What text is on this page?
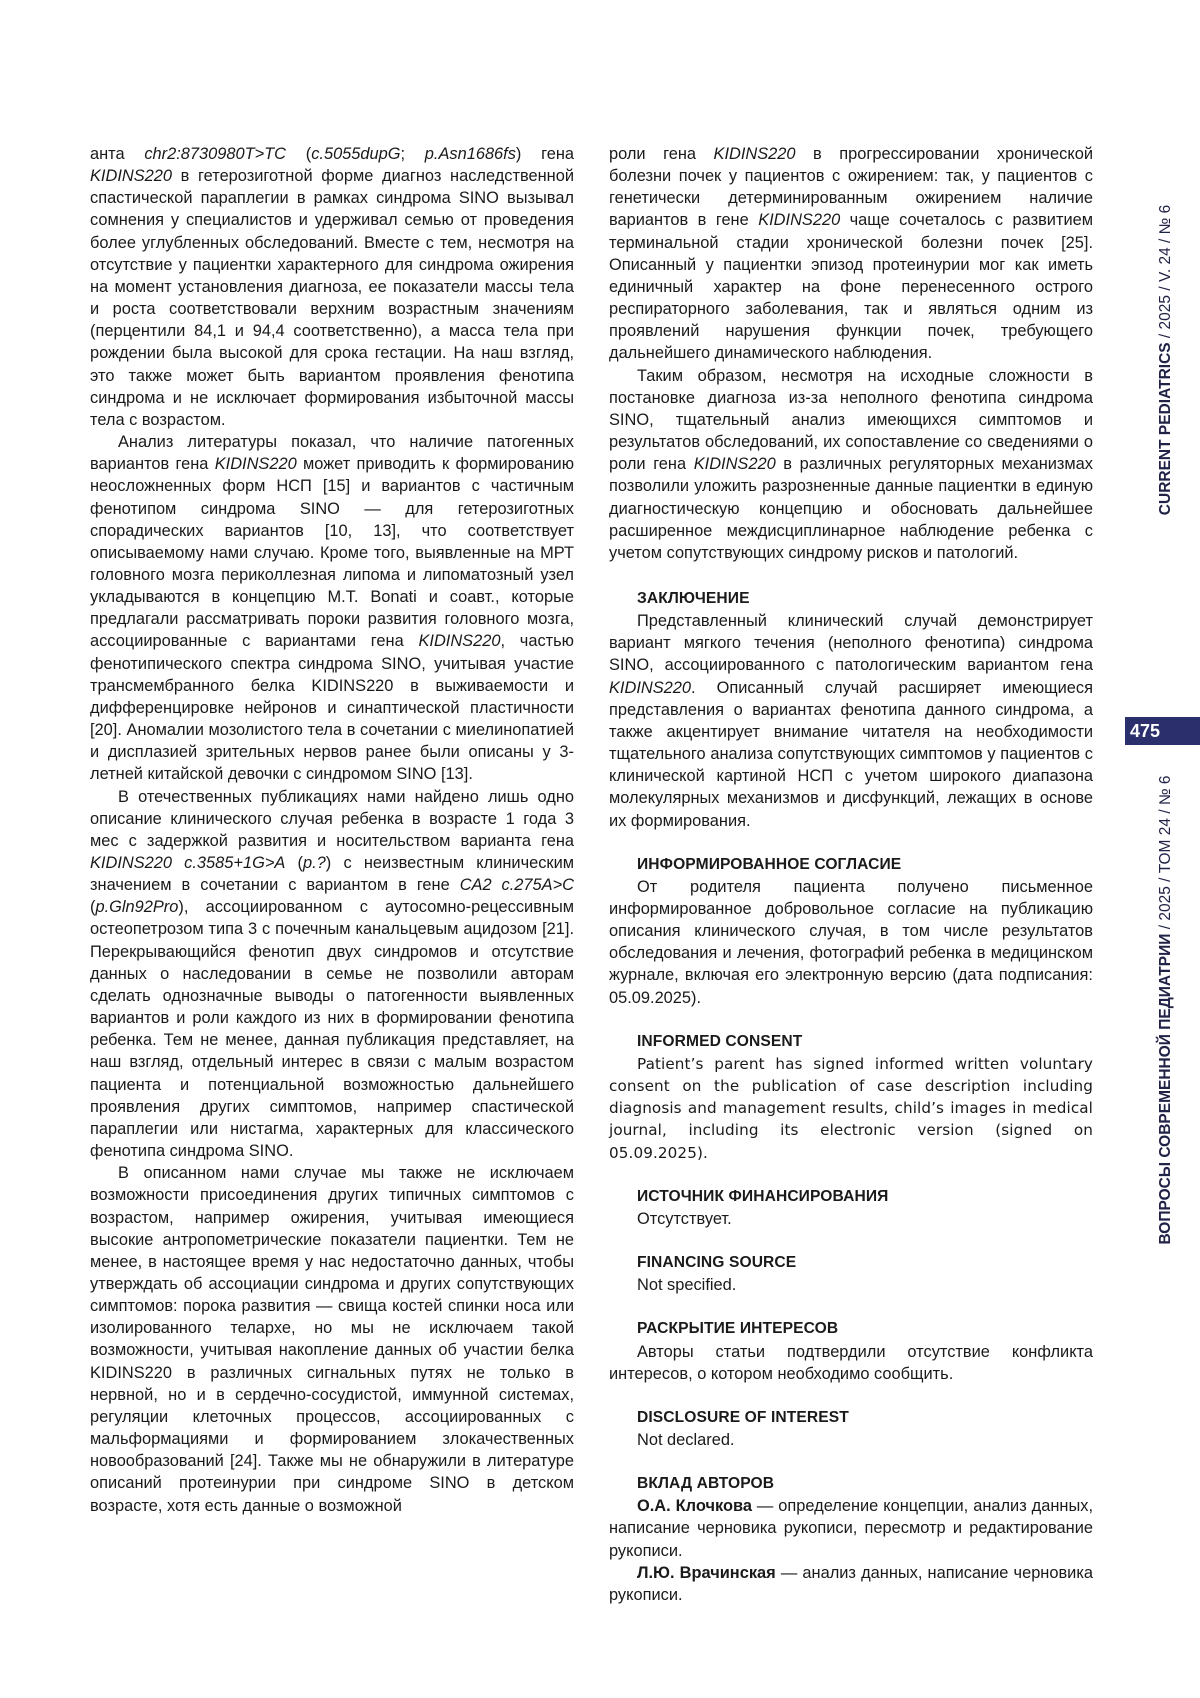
анта chr2:8730980T>TC (c.5055dupG; p.Asn1686fs) гена KIDINS220 в гетерозиготной форме диагноз наследственной спастической параплегии в рамках синдрома SINO вызывал сомнения у специалистов и удерживал семью от проведения более углубленных обследований. Вместе с тем, несмотря на отсутствие у пациентки характерного для синдрома ожирения на момент установления диагноза, ее показатели массы тела и роста соответствовали верхним возрастным значениям (перцентили 84,1 и 94,4 соответственно), а масса тела при рождении была высокой для срока гестации. На наш взгляд, это также может быть вариантом проявления фенотипа синдрома и не исключает формирования избыточной массы тела с возрастом.

Анализ литературы показал, что наличие патогенных вариантов гена KIDINS220 может приводить к формированию неосложненных форм НСП [15] и вариантов с частичным фенотипом синдрома SINO — для гетерозиготных спорадических вариантов [10, 13], что соответствует описываемому нами случаю. Кроме того, выявленные на МРТ головного мозга периколлезная липома и липоматозный узел укладываются в концепцию M.T. Bonati и соавт., которые предлагали рассматривать пороки развития головного мозга, ассоциированные с вариантами гена KIDINS220, частью фенотипического спектра синдрома SINO, учитывая участие трансмембранного белка KIDINS220 в выживаемости и дифференцировке нейронов и синаптической пластичности [20]. Аномалии мозолистого тела в сочетании с миелинопатией и дисплазией зрительных нервов ранее были описаны у 3-летней китайской девочки с синдромом SINO [13].

В отечественных публикациях нами найдено лишь одно описание клинического случая ребенка в возрасте 1 года 3 мес с задержкой развития и носительством варианта гена KIDINS220 c.3585+1G>A (p.?) с неизвестным клиническим значением в сочетании с вариантом в гене CA2 c.275A>C (p.Gln92Pro), ассоциированном с аутосомно-рецессивным остеопетрозом типа 3 с почечным канальцевым ацидозом [21]. Перекрывающийся фенотип двух синдромов и отсутствие данных о наследовании в семье не позволили авторам сделать однозначные выводы о патогенности выявленных вариантов и роли каждого из них в формировании фенотипа ребенка. Тем не менее, данная публикация представляет, на наш взгляд, отдельный интерес в связи с малым возрастом пациента и потенциальной возможностью дальнейшего проявления других симптомов, например спастической параплегии или нистагма, характерных для классического фенотипа синдрома SINO.

В описанном нами случае мы также не исключаем возможности присоединения других типичных симптомов с возрастом, например ожирения, учитывая имеющиеся высокие антропометрические показатели пациентки. Тем не менее, в настоящее время у нас недостаточно данных, чтобы утверждать об ассоциации синдрома и других сопутствующих симптомов: порока развития — свища костей спинки носа или изолированного телархе, но мы не исключаем такой возможности, учитывая накопление данных об участии белка KIDINS220 в различных сигнальных путях не только в нервной, но и в сердечно-сосудистой, иммунной системах, регуляции клеточных процессов, ассоциированных с мальформациями и формированием злокачественных новообразований [24]. Также мы не обнаружили в литературе описаний протеинурии при синдроме SINO в детском возрасте, хотя есть данные о возможной

роли гена KIDINS220 в прогрессировании хронической болезни почек у пациентов с ожирением: так, у пациентов с генетически детерминированным ожирением наличие вариантов в гене KIDINS220 чаще сочеталось с развитием терминальной стадии хронической болезни почек [25]. Описанный у пациентки эпизод протеинурии мог как иметь единичный характер на фоне перенесенного острого респираторного заболевания, так и являться одним из проявлений нарушения функции почек, требующего дальнейшего динамического наблюдения.

Таким образом, несмотря на исходные сложности в постановке диагноза из-за неполного фенотипа синдрома SINO, тщательный анализ имеющихся симптомов и результатов обследований, их сопоставление со сведениями о роли гена KIDINS220 в различных регуляторных механизмах позволили уложить разрозненные данные пациентки в единую диагностическую концепцию и обосновать дальнейшее расширенное междисциплинарное наблюдение ребенка с учетом сопутствующих синдрому рисков и патологий.

ЗАКЛЮЧЕНИЕ

Представленный клинический случай демонстрирует вариант мягкого течения (неполного фенотипа) синдрома SINO, ассоциированного с патологическим вариантом гена KIDINS220. Описанный случай расширяет имеющиеся представления о вариантах фенотипа данного синдрома, а также акцентирует внимание читателя на необходимости тщательного анализа сопутствующих симптомов у пациентов с клинической картиной НСП с учетом широкого диапазона молекулярных механизмов и дисфункций, лежащих в основе их формирования.

ИНФОРМИРОВАННОЕ СОГЛАСИЕ

От родителя пациента получено письменное информированное добровольное согласие на публикацию описания клинического случая, в том числе результатов обследования и лечения, фотографий ребенка в медицинском журнале, включая его электронную версию (дата подписания: 05.09.2025).

INFORMED CONSENT

Patient’s parent has signed informed written voluntary consent on the publication of case description including diagnosis and management results, child’s images in medical journal, including its electronic version (signed on 05.09.2025).

ИСТОЧНИК ФИНАНСИРОВАНИЯ

Отсутствует.

FINANCING SOURCE

Not specified.

РАСКРЫТИЕ ИНТЕРЕСОВ

Авторы статьи подтвердили отсутствие конфликта интересов, о котором необходимо сообщить.

DISCLOSURE OF INTEREST

Not declared.

ВКЛАД АВТОРОВ

О.А. Клочкова — определение концепции, анализ данных, написание черновика рукописи, пересмотр и редактирование рукописи.

Л.Ю. Врачинская — анализ данных, написание черновика рукописи.

CURRENT PEDIATRICS / 2025 / V. 24 / № 6
475
ВОПРОСЫ СОВРЕМЕННОЙ ПЕДИАТРИИ / 2025 / ТОМ 24 / № 6
